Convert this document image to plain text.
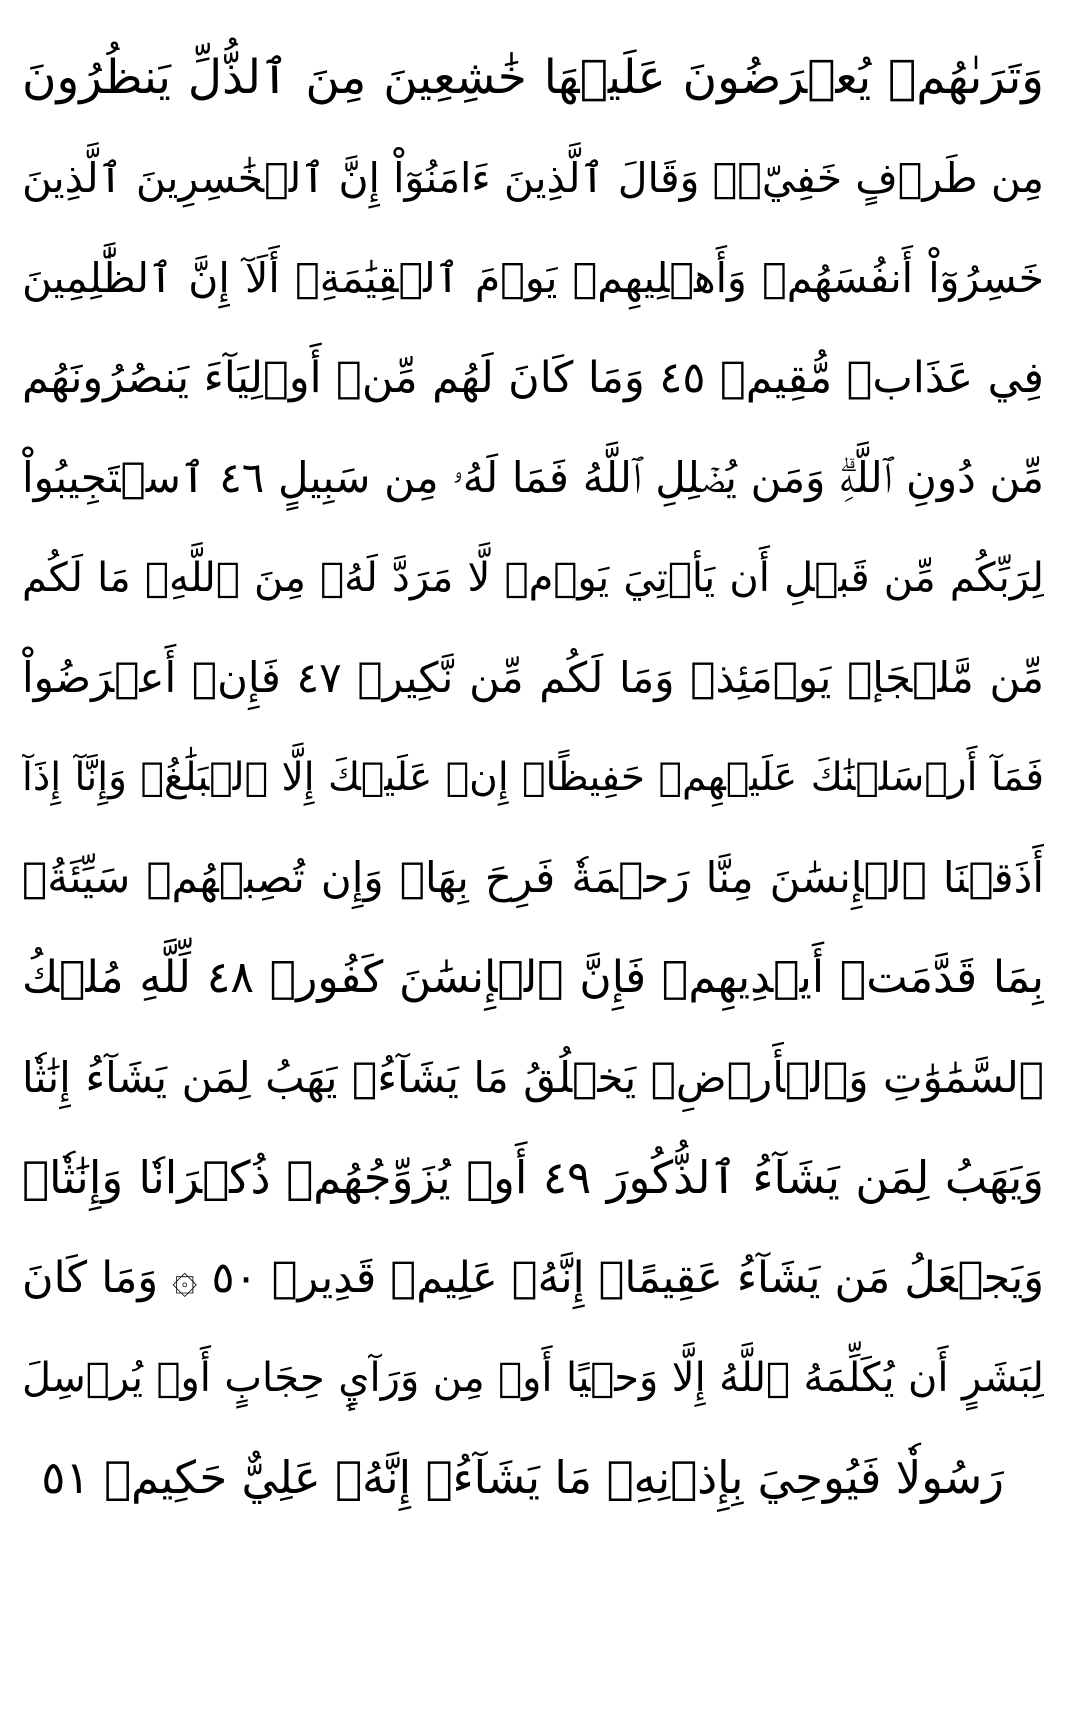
وَتَرَىٰهُمۡ يُعۡرَضُونَ عَلَيۡهَا خَٰشِعِينَ مِنَ ٱلذُّلِّ يَنظُرُونَ
مِن طَرۡفٍ خَفِيّٖۗ وَقَالَ ٱلَّذِينَ ءَامَنُوٓاْ إِنَّ ٱلۡخَٰسِرِينَ ٱلَّذِينَ
خَسِرُوٓاْ أَنفُسَهُمۡ وَأَهۡلِيهِمۡ يَوۡمَ ٱلۡقِيَٰمَةِۗ أَلَآ إِنَّ ٱلظَّٰلِمِينَ
فِي عَذَابٖ مُّقِيمٖ ٤٥ وَمَا كَانَ لَهُم مِّنۡ أَوۡلِيَآءَ يَنصُرُونَهُم
مِّن دُونِ ٱللَّهِۗ وَمَن يُضۡلِلِ ٱللَّهُ فَمَا لَهُۥ مِن سَبِيلٍ ٤٦ ٱسۡتَجِيبُواْ
لِرَبِّكُم مِّن قَبۡلِ أَن يَأۡتِيَ يَوۡمٞ لَّا مَرَدَّ لَهُۥ مِنَ ٱللَّهِۚ مَا لَكُم
مِّن مَّلۡجَإٖ يَوۡمَئِذٖ وَمَا لَكُم مِّن نَّكِيرٖ ٤٧ فَإِنۡ أَعۡرَضُواْ
فَمَآ أَرۡسَلۡنَٰكَ عَلَيۡهِمۡ حَفِيظًاۖ إِنۡ عَلَيۡكَ إِلَّا ٱلۡبَلَٰغُۗ وَإِنَّآ إِذَآ
أَذَقۡنَا ٱلۡإِنسَٰنَ مِنَّا رَحۡمَةٗ فَرِحَ بِهَاۖ وَإِن تُصِبۡهُمۡ سَيِّئَةُۢ
بِمَا قَدَّمَتۡ أَيۡدِيهِمۡ فَإِنَّ ٱلۡإِنسَٰنَ كَفُورٞ ٤٨ لِّلَّهِ مُلۡكُ
ٱلسَّمَٰوَٰتِ وَٱلۡأَرۡضِۚ يَخۡلُقُ مَا يَشَآءُۚ يَهَبُ لِمَن يَشَآءُ إِنَٰثٗا
وَيَهَبُ لِمَن يَشَآءُ ٱلذُّكُورَ ٤٩ أَوۡ يُزَوِّجُهُمۡ ذُكۡرَانٗا وَإِنَٰثٗاۖ
وَيَجۡعَلُ مَن يَشَآءُ عَقِيمًاۚ إِنَّهُۥ عَلِيمٞ قَدِيرٞ ٥٠ ۞ وَمَا كَانَ
لِبَشَرٍ أَن يُكَلِّمَهُ ٱللَّهُ إِلَّا وَحۡيًا أَوۡ مِن وَرَآيِٕ حِجَابٍ أَوۡ يُرۡسِلَ
رَسُولٗا فَيُوحِيَ بِإِذۡنِهِۦ مَا يَشَآءُۚ إِنَّهُۥ عَلِيٌّ حَكِيمٞ ٥١
